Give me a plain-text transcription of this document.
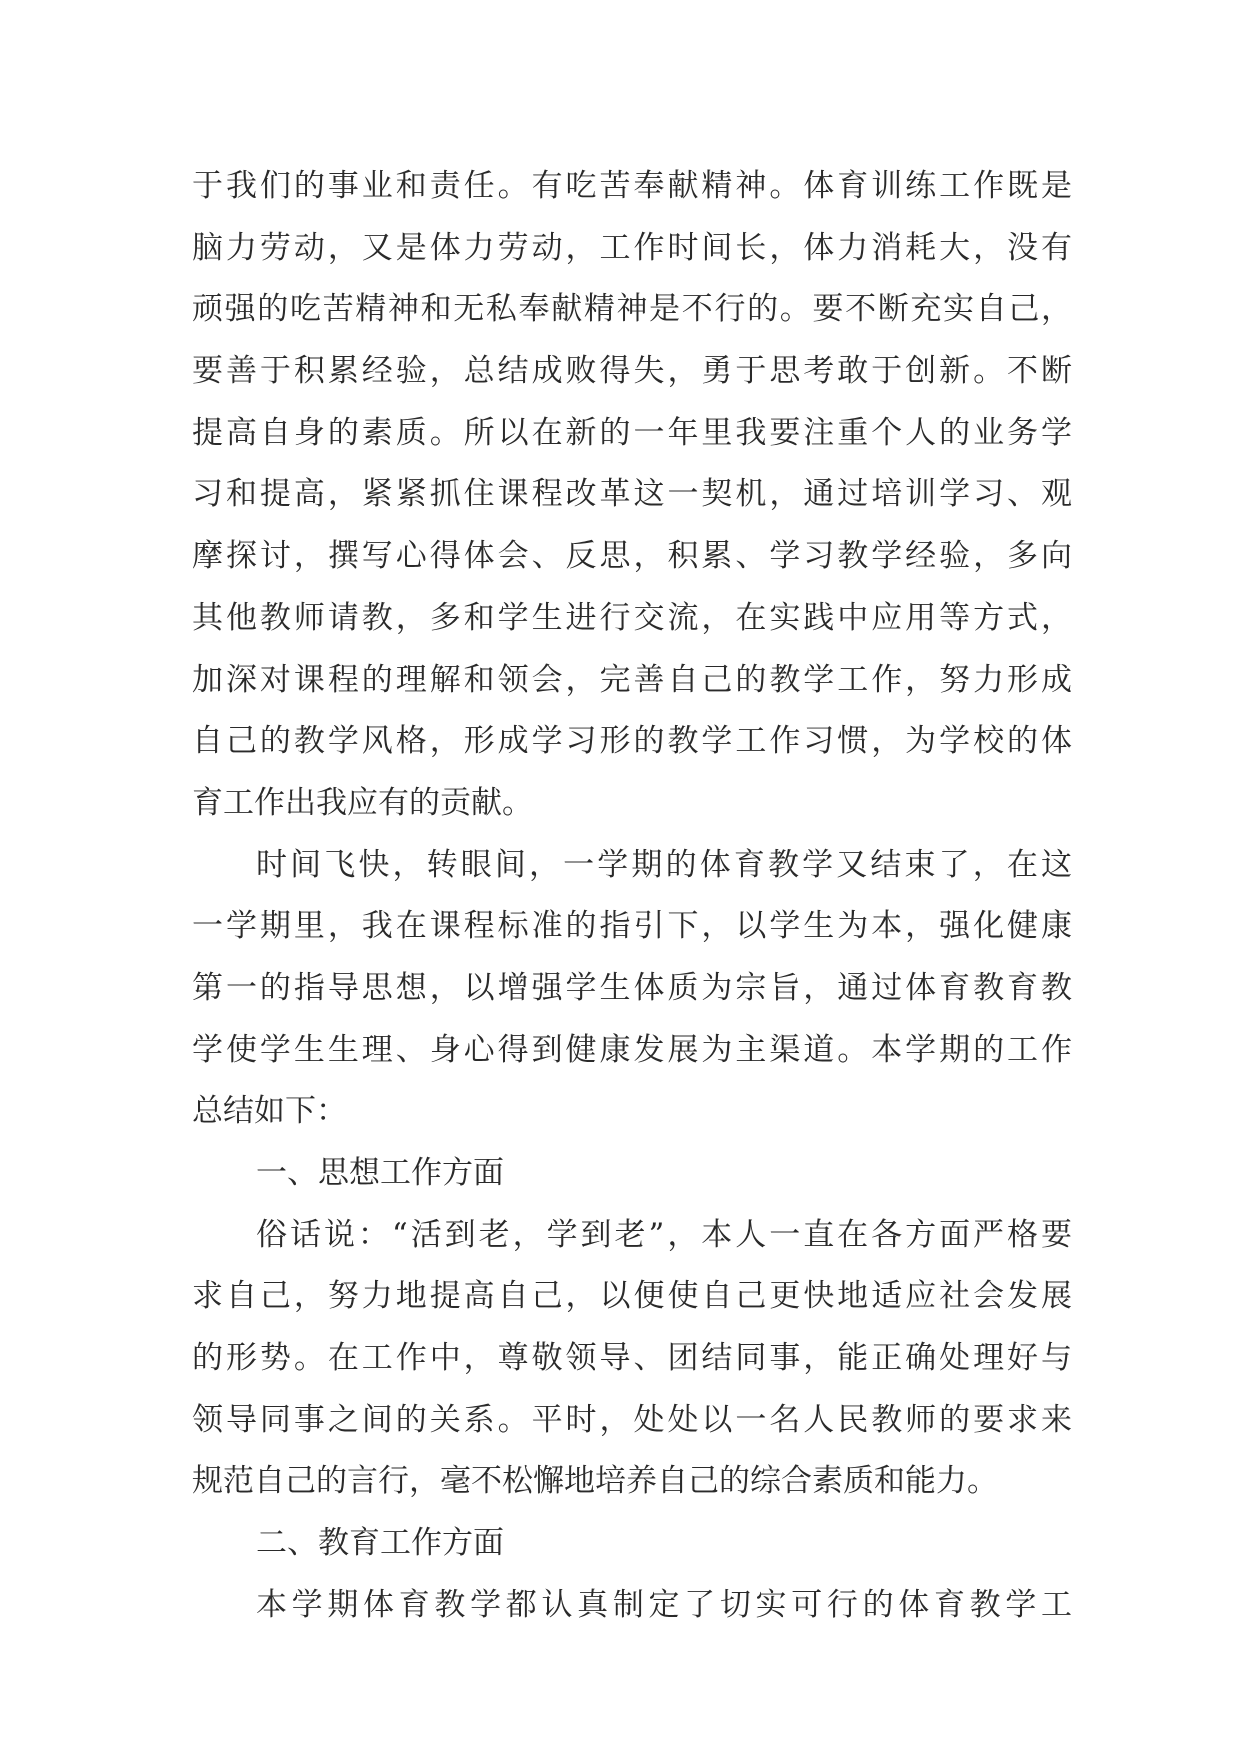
于我们的事业和责任。有吃苦奉献精神。体育训练工作既是
脑力劳动，又是体力劳动，工作时间长，体力消耗大，没有
顽强的吃苦精神和无私奉献精神是不行的。要不断充实自己，
要善于积累经验，总结成败得失，勇于思考敢于创新。不断
提高自身的素质。所以在新的一年里我要注重个人的业务学
习和提高，紧紧抓住课程改革这一契机，通过培训学习、观
摩探讨，撰写心得体会、反思，积累、学习教学经验，多向
其他教师请教，多和学生进行交流，在实践中应用等方式，
加深对课程的理解和领会，完善自己的教学工作，努力形成
自己的教学风格，形成学习形的教学工作习惯，为学校的体
育工作出我应有的贡献。
时间飞快，转眼间，一学期的体育教学又结束了，在这
一学期里，我在课程标准的指引下，以学生为本，强化健康
第一的指导思想，以增强学生体质为宗旨，通过体育教育教
学使学生生理、身心得到健康发展为主渠道。本学期的工作
总结如下：
一、思想工作方面
俗话说：“活到老，学到老”，本人一直在各方面严格要
求自己，努力地提高自己，以便使自己更快地适应社会发展
的形势。在工作中，尊敬领导、团结同事，能正确处理好与
领导同事之间的关系。平时，处处以一名人民教师的要求来
规范自己的言行，毫不松懈地培养自己的综合素质和能力。
二、教育工作方面
本学期体育教学都认真制定了切实可行的体育教学工
